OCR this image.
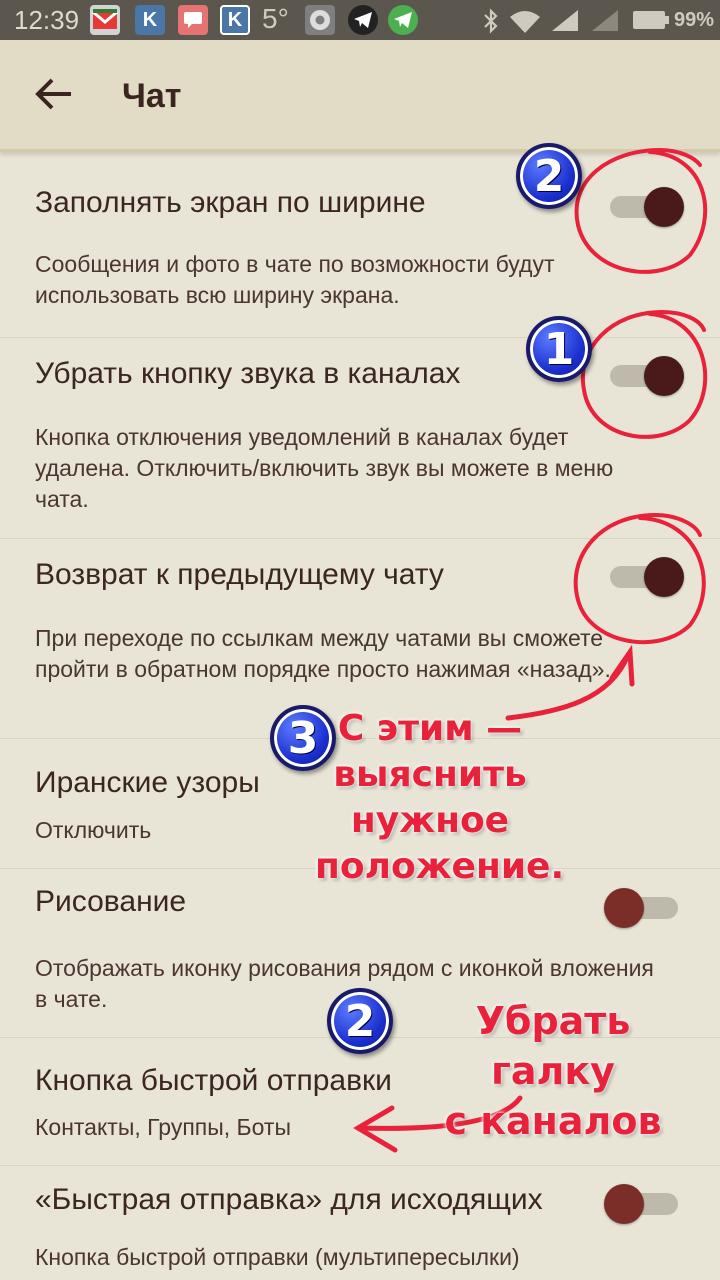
12:39	K	K 5°	99%
Чат
Заполнять экран по ширине
Сообщения и фото в чате по возможности будут использовать всю ширину экрана.
Убрать кнопку звука в каналах
Кнопка отключения уведомлений в каналах будет удалена. Отключить/включить звук вы можете в меню чата.
Возврат к предыдущему чату
При переходе по ссылкам между чатами вы сможете пройти в обратном порядке просто нажимая «назад».
Иранские узоры
Отключить
Рисование
Отображать иконку рисования рядом с иконкой вложения в чате.
Кнопка быстрой отправки
Контакты, Группы, Боты
«Быстрая отправка» для исходящих
Кнопка быстрой отправки (мультипересылки)
2
1
3
2
С этим —
выяснить
нужное
положение.
Убрать галку
с каналов
